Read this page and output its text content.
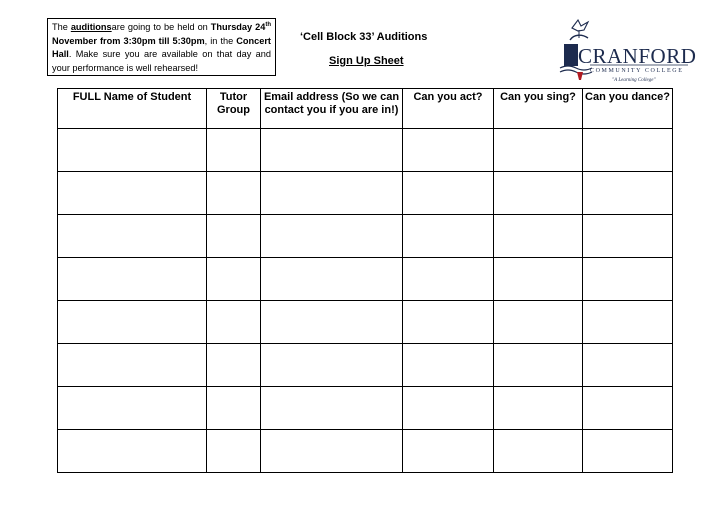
The auditionsare going to be held on Thursday 24th November from 3:30pm till 5:30pm, in the Concert Hall. Make sure you are available on that day and your performance is well rehearsed!
‘Cell Block 33’ Auditions
Sign Up Sheet	CRANFORD
COMMUNITY COLLEGE
"A Learning College"
FULL Name of Student	Tutor Group	Email address (So we can contact you if you are in!)	Can you act?	Can you sing?	Can you dance?
